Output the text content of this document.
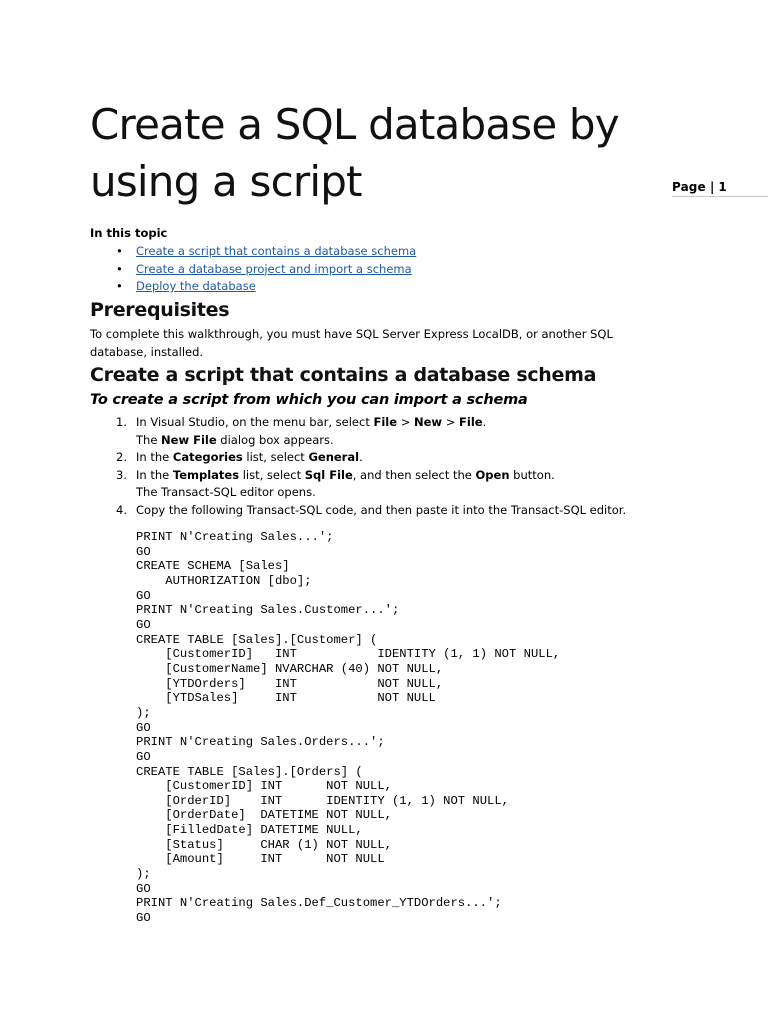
Create a SQL database by using a script	Page | 1
In this topic
• Create a script that contains a database schema
• Create a database project and import a schema
• Deploy the database
Prerequisites
To complete this walkthrough, you must have SQL Server Express LocalDB, or another SQL database, installed.
Create a script that contains a database schema
To create a script from which you can import a schema
1. In Visual Studio, on the menu bar, select File > New > File.
The New File dialog box appears.
2. In the Categories list, select General.
3. In the Templates list, select Sql File, and then select the Open button.
The Transact-SQL editor opens.
4. Copy the following Transact-SQL code, and then paste it into the Transact-SQL editor.
PRINT N'Creating Sales...';
GO
CREATE SCHEMA [Sales]
AUTHORIZATION [dbo];
GO
PRINT N'Creating Sales.Customer...';
GO
CREATE TABLE [Sales].[Customer] (
[CustomerID]   INT           IDENTITY (1, 1) NOT NULL,
[CustomerName] NVARCHAR (40) NOT NULL,
[YTDOrders]    INT           NOT NULL,
[YTDSales]     INT           NOT NULL
);
GO
PRINT N'Creating Sales.Orders...';
GO
CREATE TABLE [Sales].[Orders] (
[CustomerID] INT      NOT NULL,
[OrderID]    INT      IDENTITY (1, 1) NOT NULL,
[OrderDate]  DATETIME NOT NULL,
[FilledDate] DATETIME NULL,
[Status]     CHAR (1) NOT NULL,
[Amount]     INT      NOT NULL
);
GO
PRINT N'Creating Sales.Def_Customer_YTDOrders...';
GO
